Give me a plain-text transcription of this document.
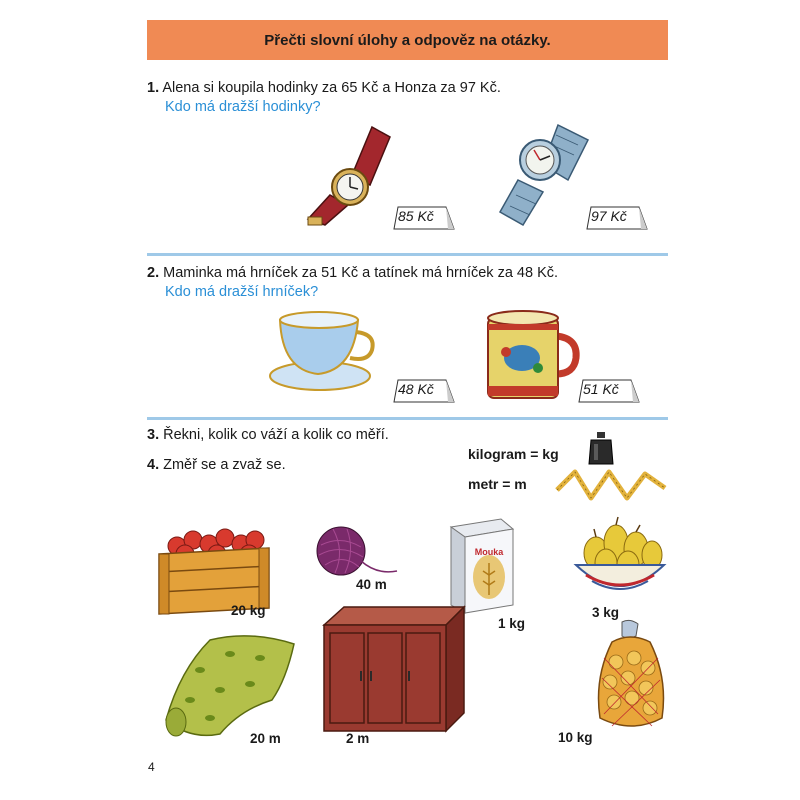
Přečti slovní úlohy a odpověz na otázky.
1. Alena si koupila hodinky za 65 Kč a Honza za 97 Kč.
Kdo má dražší hodinky?
85 Kč	97 Kč
2. Maminka má hrníček za 51 Kč a tatínek má hrníček za 48 Kč.
Kdo má dražší hrníček?
48 Kč	51 Kč
3. Řekni, kolik co váží a kolik co měří.
4. Změř se a zvaž se.
kilogram = kg
metr = m
20 kg
40 m
Mouka
1 kg
3 kg
20 m	2 m	10 kg
4
